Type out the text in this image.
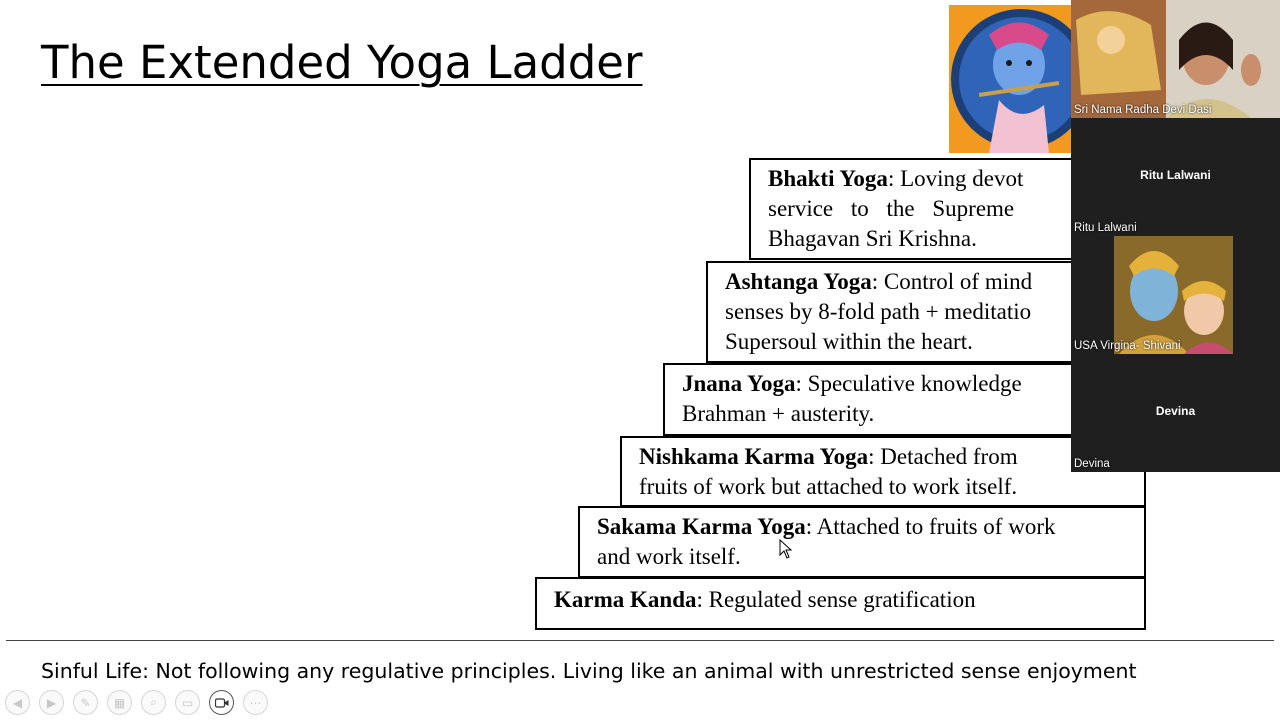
The Extended Yoga Ladder
Bhakti Yoga: Loving devot
service to the Supreme
Bhagavan Sri Krishna.
Ashtanga Yoga: Control of mind
senses by 8-fold path + meditatio
Supersoul within the heart.
Jnana Yoga: Speculative knowledge
Brahman + austerity.
Nishkama Karma Yoga: Detached from
fruits of work but attached to work itself.
Sakama Karma Yoga: Attached to fruits of work
and work itself.
Karma Kanda: Regulated sense gratification
Sinful Life: Not following any regulative principles. Living like an animal with unrestricted sense enjoyment
◀	▶	✎	▦	⌕	▭	⋯
Sri Nama Radha Devi Dasi
Ritu Lalwani
Ritu Lalwani
USA Virgina- Shivani
Devina
Devina
